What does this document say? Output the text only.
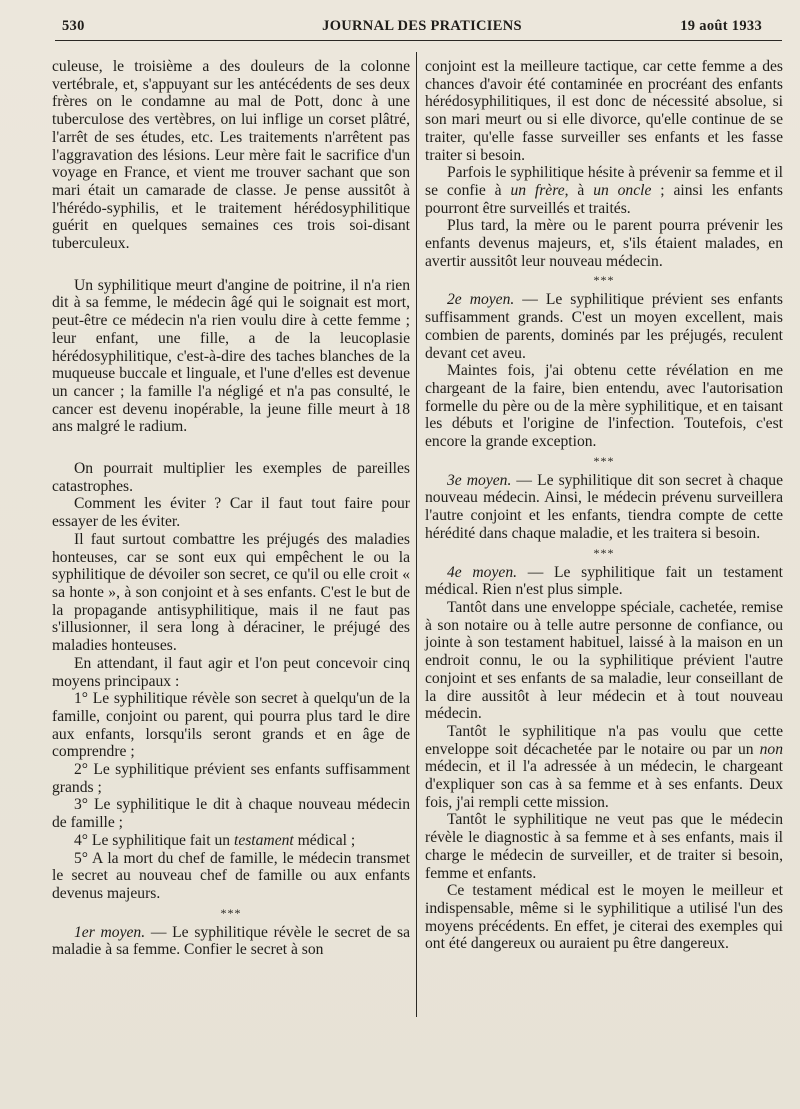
530	JOURNAL DES PRATICIENS	19 août 1933

culeuse, le troisième a des douleurs de la colonne vertébrale, et, s'appuyant sur les antécédents de ses deux frères on le condamne au mal de Pott, donc à une tuberculose des vertèbres, on lui inflige un corset plâtré, l'arrêt de ses études, etc. Les traitements n'arrêtent pas l'aggravation des lésions. Leur mère fait le sacrifice d'un voyage en France, et vient me trouver sachant que son mari était un camarade de classe. Je pense aussitôt à l'hérédo-syphilis, et le traitement hérédosyphilitique guérit en quelques semaines ces trois soi-disant tuberculeux.

Un syphilitique meurt d'angine de poitrine, il n'a rien dit à sa femme, le médecin âgé qui le soignait est mort, peut-être ce médecin n'a rien voulu dire à cette femme ; leur enfant, une fille, a de la leucoplasie hérédosyphilitique, c'est-à-dire des taches blanches de la muqueuse buccale et linguale, et l'une d'elles est devenue un cancer ; la famille l'a négligé et n'a pas consulté, le cancer est devenu inopérable, la jeune fille meurt à 18 ans malgré le radium.

On pourrait multiplier les exemples de pareilles catastrophes.

Comment les éviter ? Car il faut tout faire pour essayer de les éviter.

Il faut surtout combattre les préjugés des maladies honteuses, car se sont eux qui empêchent le ou la syphilitique de dévoiler son secret, ce qu'il ou elle croit « sa honte », à son conjoint et à ses enfants. C'est le but de la propagande antisyphilitique, mais il ne faut pas s'illusionner, il sera long à déraciner, le préjugé des maladies honteuses.

En attendant, il faut agir et l'on peut concevoir cinq moyens principaux :

1° Le syphilitique révèle son secret à quelqu'un de la famille, conjoint ou parent, qui pourra plus tard le dire aux enfants, lorsqu'ils seront grands et en âge de comprendre ;

2° Le syphilitique prévient ses enfants suffisamment grands ;

3° Le syphilitique le dit à chaque nouveau médecin de famille ;

4° Le syphilitique fait un testament médical ;

5° A la mort du chef de famille, le médecin transmet le secret au nouveau chef de famille ou aux enfants devenus majeurs.

***

1er moyen. — Le syphilitique révèle le secret de sa maladie à sa femme. Confier le secret à son

conjoint est la meilleure tactique, car cette femme a des chances d'avoir été contaminée en procréant des enfants hérédosyphilitiques, il est donc de nécessité absolue, si son mari meurt ou si elle divorce, qu'elle continue de se traiter, qu'elle fasse surveiller ses enfants et les fasse traiter si besoin.

Parfois le syphilitique hésite à prévenir sa femme et il se confie à un frère, à un oncle ; ainsi les enfants pourront être surveillés et traités.

Plus tard, la mère ou le parent pourra prévenir les enfants devenus majeurs, et, s'ils étaient malades, en avertir aussitôt leur nouveau médecin.

***

2e moyen. — Le syphilitique prévient ses enfants suffisamment grands. C'est un moyen excellent, mais combien de parents, dominés par les préjugés, reculent devant cet aveu.

Maintes fois, j'ai obtenu cette révélation en me chargeant de la faire, bien entendu, avec l'autorisation formelle du père ou de la mère syphilitique, et en taisant les débuts et l'origine de l'infection. Toutefois, c'est encore la grande exception.

***

3e moyen. — Le syphilitique dit son secret à chaque nouveau médecin. Ainsi, le médecin prévenu surveillera l'autre conjoint et les enfants, tiendra compte de cette hérédité dans chaque maladie, et les traitera si besoin.

***

4e moyen. — Le syphilitique fait un testament médical. Rien n'est plus simple.

Tantôt dans une enveloppe spéciale, cachetée, remise à son notaire ou à telle autre personne de confiance, ou jointe à son testament habituel, laissé à la maison en un endroit connu, le ou la syphilitique prévient l'autre conjoint et ses enfants de sa maladie, leur conseillant de la dire aussitôt à leur médecin et à tout nouveau médecin.

Tantôt le syphilitique n'a pas voulu que cette enveloppe soit décachetée par le notaire ou par un non médecin, et il l'a adressée à un médecin, le chargeant d'expliquer son cas à sa femme et à ses enfants. Deux fois, j'ai rempli cette mission.

Tantôt le syphilitique ne veut pas que le médecin révèle le diagnostic à sa femme et à ses enfants, mais il charge le médecin de surveiller, et de traiter si besoin, femme et enfants.

Ce testament médical est le moyen le meilleur et indispensable, même si le syphilitique a utilisé l'un des moyens précédents. En effet, je citerai des exemples qui ont été dangereux ou auraient pu être dangereux.
